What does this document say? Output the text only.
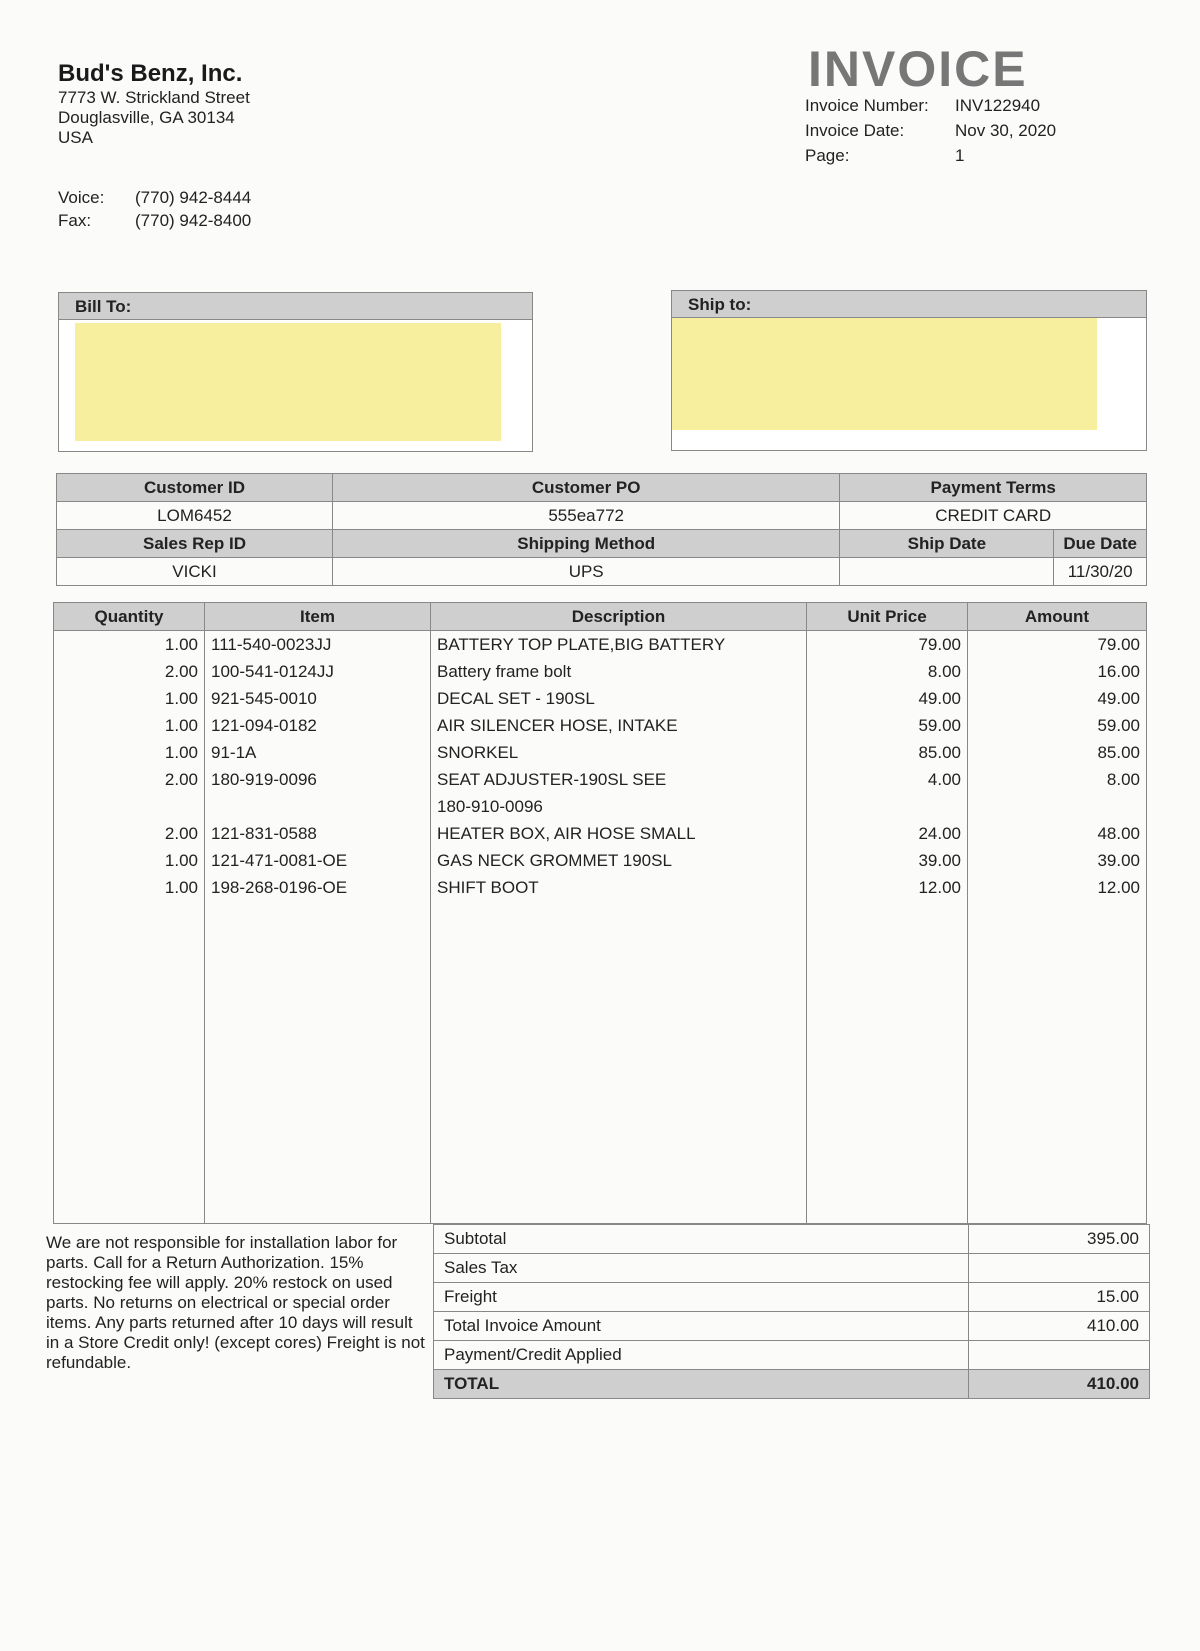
Bud's Benz, Inc.
7773 W. Strickland Street
Douglasville, GA 30134
USA
Voice: (770) 942-8444
Fax:	(770) 942-8400
INVOICE
Invoice Number: INV122940
Invoice Date:	Nov 30, 2020
Page:	1
Bill To:	Ship to:
Customer ID	Customer PO	Payment Terms	
LOM6452	555ea772	CREDIT CARD	
Sales Rep ID	Shipping Method	Ship Date	Due Date
VICKI	UPS		11/30/20
Quantity	Item	Description	Unit Price	Amount
1.00	111-540-0023JJ	BATTERY TOP PLATE,BIG BATTERY	79.00	79.00
2.00	100-541-0124JJ	Battery frame bolt	8.00	16.00
1.00	921-545-0010	DECAL SET - 190SL	49.00	49.00
1.00	121-094-0182	AIR SILENCER HOSE, INTAKE	59.00	59.00
1.00	91-1A	SNORKEL	85.00	85.00
2.00	180-919-0096	SEAT ADJUSTER-190SL SEE	4.00	8.00
		180-910-0096		
2.00	121-831-0588	HEATER BOX, AIR HOSE SMALL	24.00	48.00
1.00	121-471-0081-OE	GAS NECK GROMMET 190SL	39.00	39.00
1.00	198-268-0196-OE	SHIFT BOOT	12.00	12.00

We are not responsible for installation labor for parts. Call for a Return Authorization. 15% restocking fee will apply. 20% restock on used parts. No returns on electrical or special order items. Any parts returned after 10 days will result in a Store Credit only! (except cores) Freight is not refundable.
Subtotal	395.00
Sales Tax	
Freight	15.00
Total Invoice Amount	410.00
Payment/Credit Applied	
TOTAL	410.00
